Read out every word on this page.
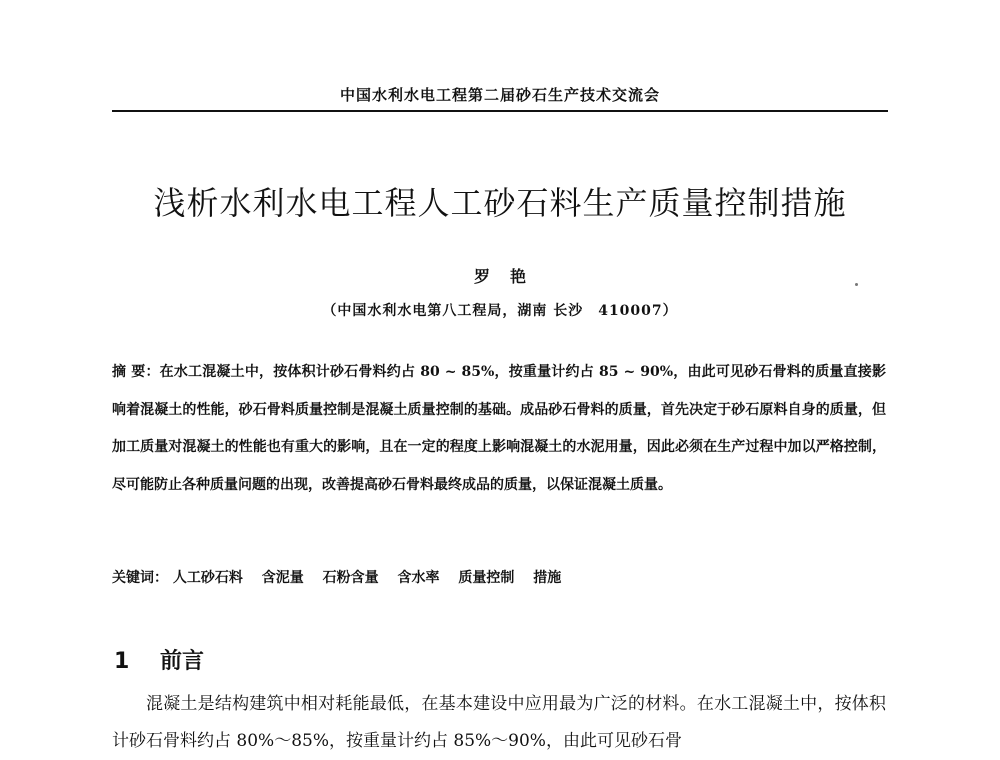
中国水利水电工程第二届砂石生产技术交流会
浅析水利水电工程人工砂石料生产质量控制措施
罗艳
（中国水利水电第八工程局，湖南 长沙　410007）
摘 要：在水工混凝土中，按体积计砂石骨料约占 80 ~ 85%，按重量计约占 85 ~ 90%，由此可见砂石骨料的质量直接影响着混凝土的性能，砂石骨料质量控制是混凝土质量控制的基础。成品砂石骨料的质量，首先决定于砂石原料自身的质量，但加工质量对混凝土的性能也有重大的影响，且在一定的程度上影响混凝土的水泥用量，因此必须在生产过程中加以严格控制，尽可能防止各种质量问题的出现，改善提高砂石骨料最终成品的质量，以保证混凝土质量。
关键词： 人工砂石料 含泥量 石粉含量 含水率 质量控制 措施
1 前言
混凝土是结构建筑中相对耗能最低，在基本建设中应用最为广泛的材料。在水工混凝土中，按体积计砂石骨料约占 80%～85%，按重量计约占 85%～90%，由此可见砂石骨
